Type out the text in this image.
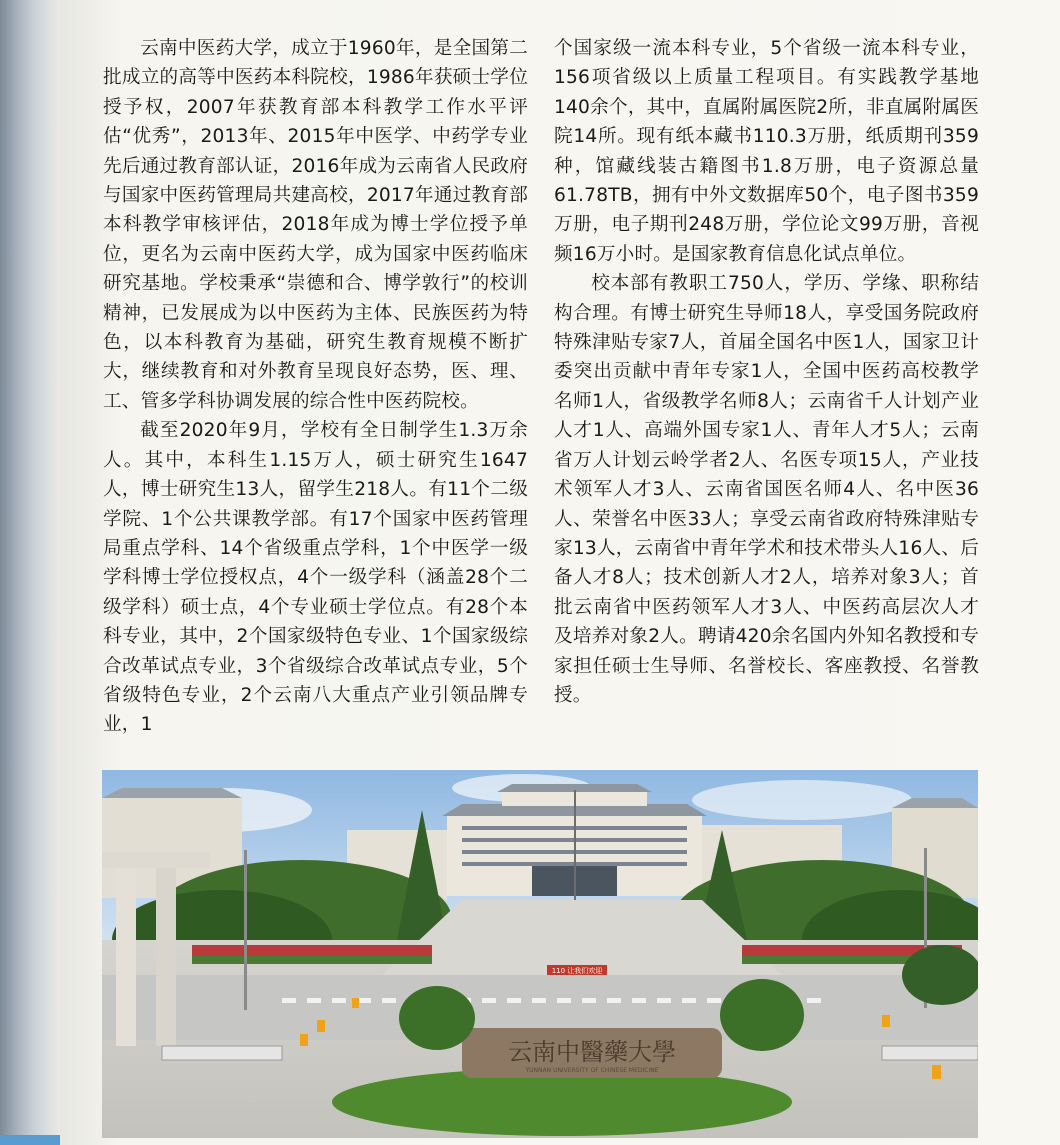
云南中医药大学，成立于1960年，是全国第二批成立的高等中医药本科院校，1986年获硕士学位授予权，2007年获教育部本科教学工作水平评估“优秀”，2013年、2015年中医学、中药学专业先后通过教育部认证，2016年成为云南省人民政府与国家中医药管理局共建高校，2017年通过教育部本科教学审核评估，2018年成为博士学位授予单位，更名为云南中医药大学，成为国家中医药临床研究基地。学校秉承“崇德和合、博学敦行”的校训精神，已发展成为以中医药为主体、民族医药为特色，以本科教育为基础，研究生教育规模不断扩大，继续教育和对外教育呈现良好态势，医、理、工、管多学科协调发展的综合性中医药院校。

截至2020年9月，学校有全日制学生1.3万余人。其中，本科生1.15万人，硕士研究生1647人，博士研究生13人，留学生218人。有11个二级学院、1个公共课教学部。有17个国家中医药管理局重点学科、14个省级重点学科，1个中医学一级学科博士学位授权点，4个一级学科（涵盖28个二级学科）硕士点，4个专业硕士学位点。有28个本科专业，其中，2个国家级特色专业、1个国家级综合改革试点专业，3个省级综合改革试点专业，5个省级特色专业，2个云南八大重点产业引领品牌专业，1

个国家级一流本科专业，5个省级一流本科专业，156项省级以上质量工程项目。有实践教学基地140余个，其中，直属附属医院2所，非直属附属医院14所。现有纸本藏书110.3万册，纸质期刊359种，馆藏线装古籍图书1.8万册，电子资源总量61.78TB，拥有中外文数据库50个，电子图书359万册，电子期刊248万册，学位论文99万册，音视频16万小时。是国家教育信息化试点单位。

校本部有教职工750人，学历、学缘、职称结构合理。有博士研究生导师18人，享受国务院政府特殊津贴专家7人，首届全国名中医1人，国家卫计委突出贡献中青年专家1人，全国中医药高校教学名师1人，省级教学名师8人；云南省千人计划产业人才1人、高端外国专家1人、青年人才5人；云南省万人计划云岭学者2人、名医专项15人，产业技术领军人才3人、云南省国医名师4人、名中医36人、荣誉名中医33人；享受云南省政府特殊津贴专家13人，云南省中青年学术和技术带头人16人、后备人才8人；技术创新人才2人，培养对象3人；首批云南省中医药领军人才3人、中医药高层次人才及培养对象2人。聘请420余名国内外知名教授和专家担任硕士生导师、名誉校长、客座教授、名誉教授。

110 让我们欢迎
云南中醫藥大學
YUNNAN UNIVERSITY OF CHINESE MEDICINE
